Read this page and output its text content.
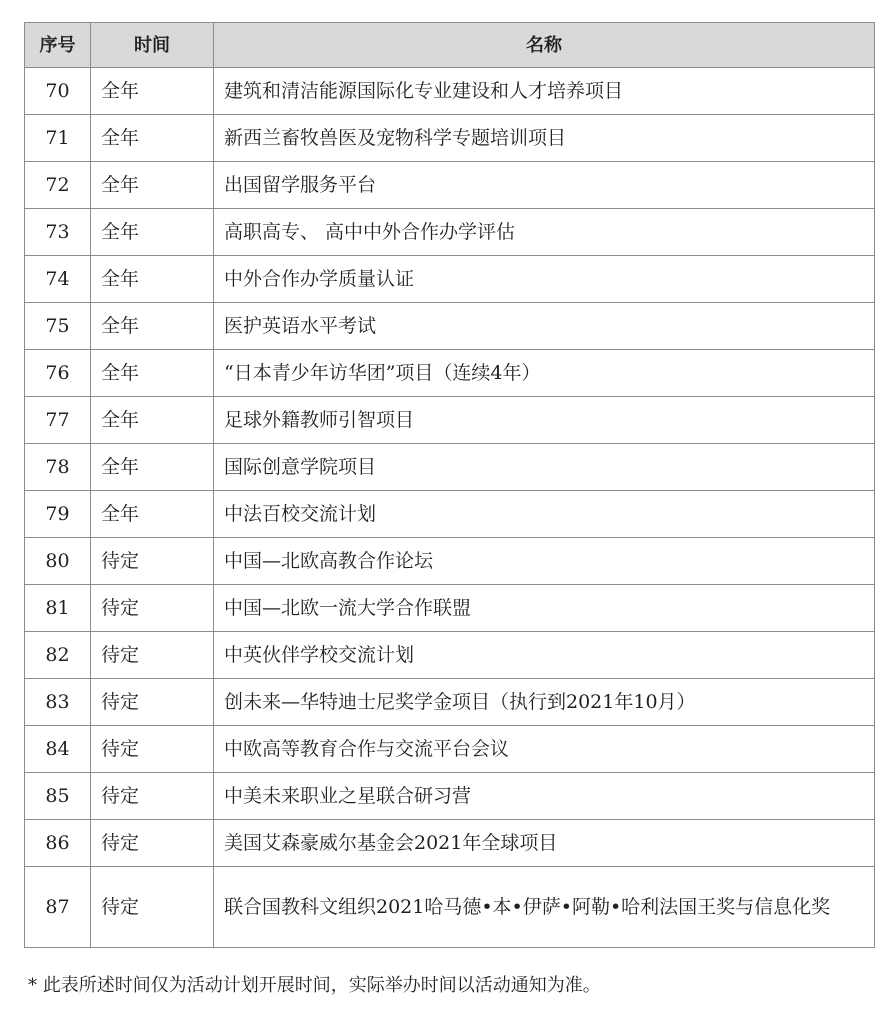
序号	时间	名称
70	全年	建筑和清洁能源国际化专业建设和人才培养项目
71	全年	新西兰畜牧兽医及宠物科学专题培训项目
72	全年	出国留学服务平台
73	全年	高职高专、 高中中外合作办学评估
74	全年	中外合作办学质量认证
75	全年	医护英语水平考试
76	全年	“日本青少年访华团”项目（连续4年）
77	全年	足球外籍教师引智项目
78	全年	国际创意学院项目
79	全年	中法百校交流计划
80	待定	中国—北欧高教合作论坛
81	待定	中国—北欧一流大学合作联盟
82	待定	中英伙伴学校交流计划
83	待定	创未来—华特迪士尼奖学金项目（执行到2021年10月）
84	待定	中欧高等教育合作与交流平台会议
85	待定	中美未来职业之星联合研习营
86	待定	美国艾森豪威尔基金会2021年全球项目
87	待定	联合国教科文组织2021哈马德•本•伊萨•阿勒•哈利法国王奖与信息化奖
* 此表所述时间仅为活动计划开展时间，实际举办时间以活动通知为准。
